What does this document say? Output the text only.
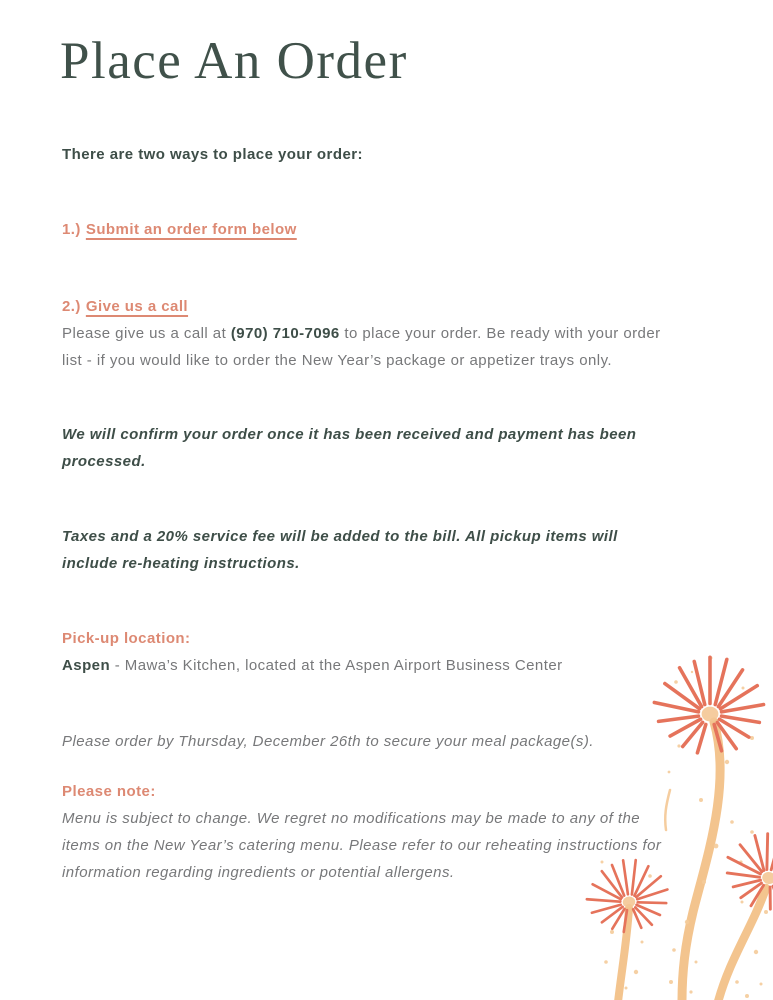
Place An Order

There are two ways to place your order:

1.) Submit an order form below

2.) Give us a call
Please give us a call at (970) 710-7096 to place your order. Be ready with your order
list - if you would like to order the New Year’s package or appetizer trays only.
We will confirm your order once it has been received and payment has been
processed.
Taxes and a 20% service fee will be added to the bill. All pickup items will
include re-heating instructions.
Pick-up location:
Aspen - Mawa’s Kitchen, located at the Aspen Airport Business Center

Please order by Thursday, December 26th to secure your meal package(s).

Please note:
Menu is subject to change. We regret no modifications may be made to any of the
items on the New Year’s catering menu. Please refer to our reheating instructions for
information regarding ingredients or potential allergens.
